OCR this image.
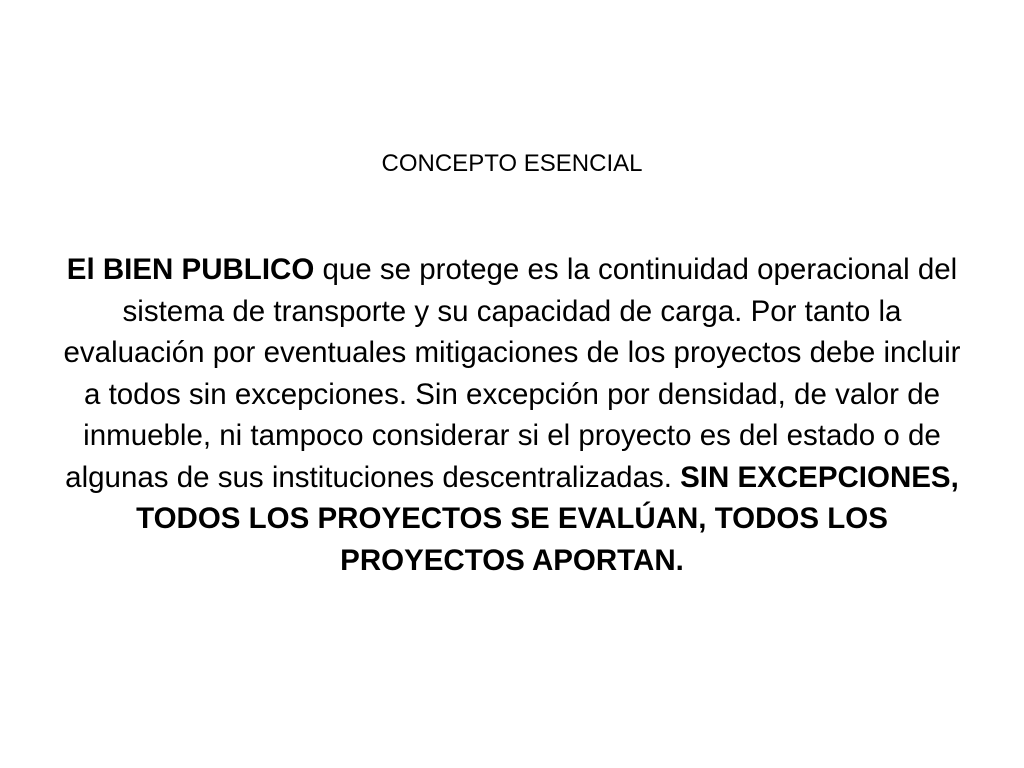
CONCEPTO ESENCIAL
El BIEN PUBLICO que se protege es la continuidad operacional del sistema de transporte y su capacidad de carga. Por tanto la evaluación por eventuales mitigaciones de los proyectos debe incluir a todos sin excepciones. Sin excepción por densidad, de valor de inmueble, ni tampoco considerar si el proyecto es del estado o de algunas de sus instituciones descentralizadas. SIN EXCEPCIONES, TODOS LOS PROYECTOS SE EVALÚAN, TODOS LOS PROYECTOS APORTAN.
